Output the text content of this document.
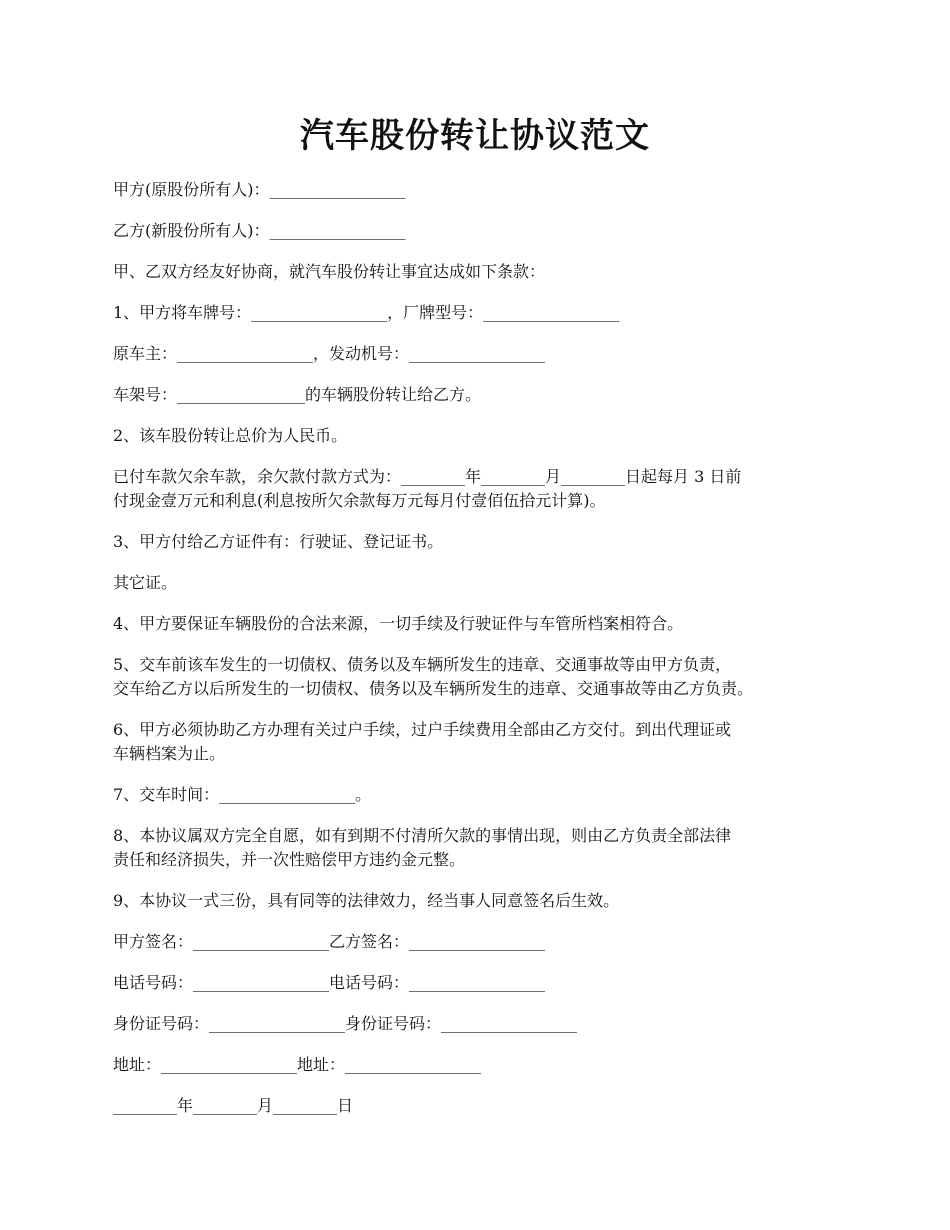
汽车股份转让协议范文

甲方(原股份所有人)：_________________

乙方(新股份所有人)：_________________

甲、乙双方经友好协商，就汽车股份转让事宜达成如下条款：

1、甲方将车牌号：_________________，厂牌型号：_________________

原车主：_________________，发动机号：_________________

车架号：________________的车辆股份转让给乙方。

2、该车股份转让总价为人民币。

已付车款欠余车款，余欠款付款方式为：________年________月________日起每月 3 日前
付现金壹万元和利息(利息按所欠余款每万元每月付壹佰伍拾元计算)。

3、甲方付给乙方证件有：行驶证、登记证书。

其它证。

4、甲方要保证车辆股份的合法来源，一切手续及行驶证件与车管所档案相符合。

5、交车前该车发生的一切债权、债务以及车辆所发生的违章、交通事故等由甲方负责，
交车给乙方以后所发生的一切债权、债务以及车辆所发生的违章、交通事故等由乙方负责。

6、甲方必须协助乙方办理有关过户手续，过户手续费用全部由乙方交付。到出代理证或
车辆档案为止。

7、交车时间：_________________。

8、本协议属双方完全自愿，如有到期不付清所欠款的事情出现，则由乙方负责全部法律
责任和经济损失，并一次性赔偿甲方违约金元整。

9、本协议一式三份，具有同等的法律效力，经当事人同意签名后生效。

甲方签名：_________________乙方签名：_________________

电话号码：_________________电话号码：_________________

身份证号码：_________________身份证号码：_________________

地址：_________________地址：_________________

________年________月________日
